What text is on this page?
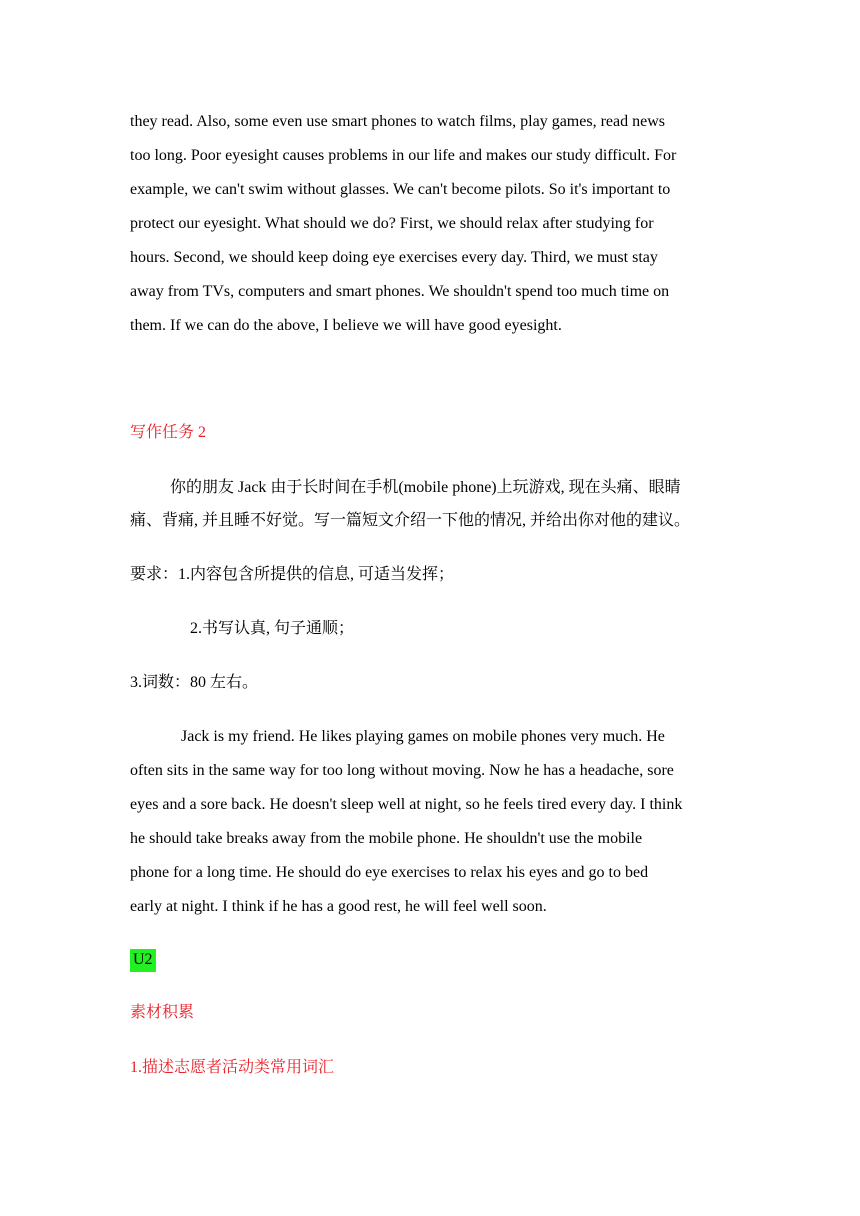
they read. Also, some even use smart phones to watch films, play games, read news
too long. Poor eyesight causes problems in our life and makes our study difficult. For
example, we can't swim without glasses. We can't become pilots. So it's important to
protect our eyesight. What should we do? First, we should relax after studying for
hours. Second, we should keep doing eye exercises every day. Third, we must stay
away from TVs, computers and smart phones. We shouldn't spend too much time on
them. If we can do the above, I believe we will have good eyesight.
写作任务 2
你的朋友 Jack 由于长时间在手机(mobile phone)上玩游戏, 现在头痛、眼睛
痛、背痛, 并且睡不好觉。写一篇短文介绍一下他的情况, 并给出你对他的建议。
要求：1.内容包含所提供的信息, 可适当发挥；
2.书写认真, 句子通顺；
3.词数：80 左右。
Jack is my friend. He likes playing games on mobile phones very much. He
often sits in the same way for too long without moving. Now he has a headache, sore
eyes and a sore back. He doesn't sleep well at night, so he feels tired every day. I think
he should take breaks away from the mobile phone. He shouldn't use the mobile
phone for a long time. He should do eye exercises to relax his eyes and go to bed
early at night. I think if he has a good rest, he will feel well soon.
U2
素材积累
1.描述志愿者活动类常用词汇
